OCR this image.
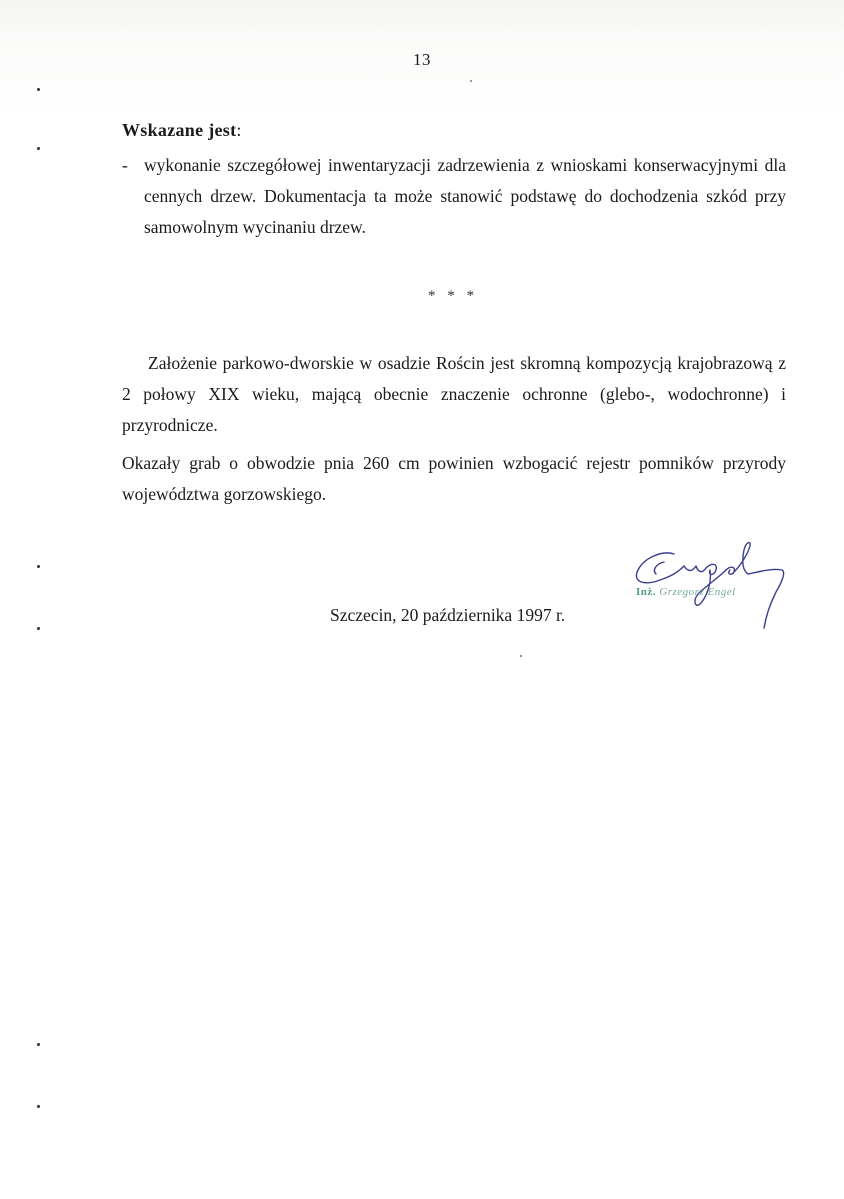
13
Wskazane jest:
- wykonanie szczegółowej inwentaryzacji zadrzewienia z wnioskami konserwacyjnymi dla cennych drzew. Dokumentacja ta może stanowić podstawę do dochodzenia szkód przy samowolnym wycinaniu drzew.
* * *
Założenie parkowo-dworskie w osadzie Rościn jest skromną kompozycją krajobrazową z 2 połowy XIX wieku, mającą obecnie znaczenie ochronne (glebo-, wodochronne) i przyrodnicze.
Okazały grab o obwodzie pnia 260 cm powinien wzbogacić rejestr pomników przyrody województwa gorzowskiego.
Szczecin, 20 października 1997 r.
Inż. Grzegorz Engel
